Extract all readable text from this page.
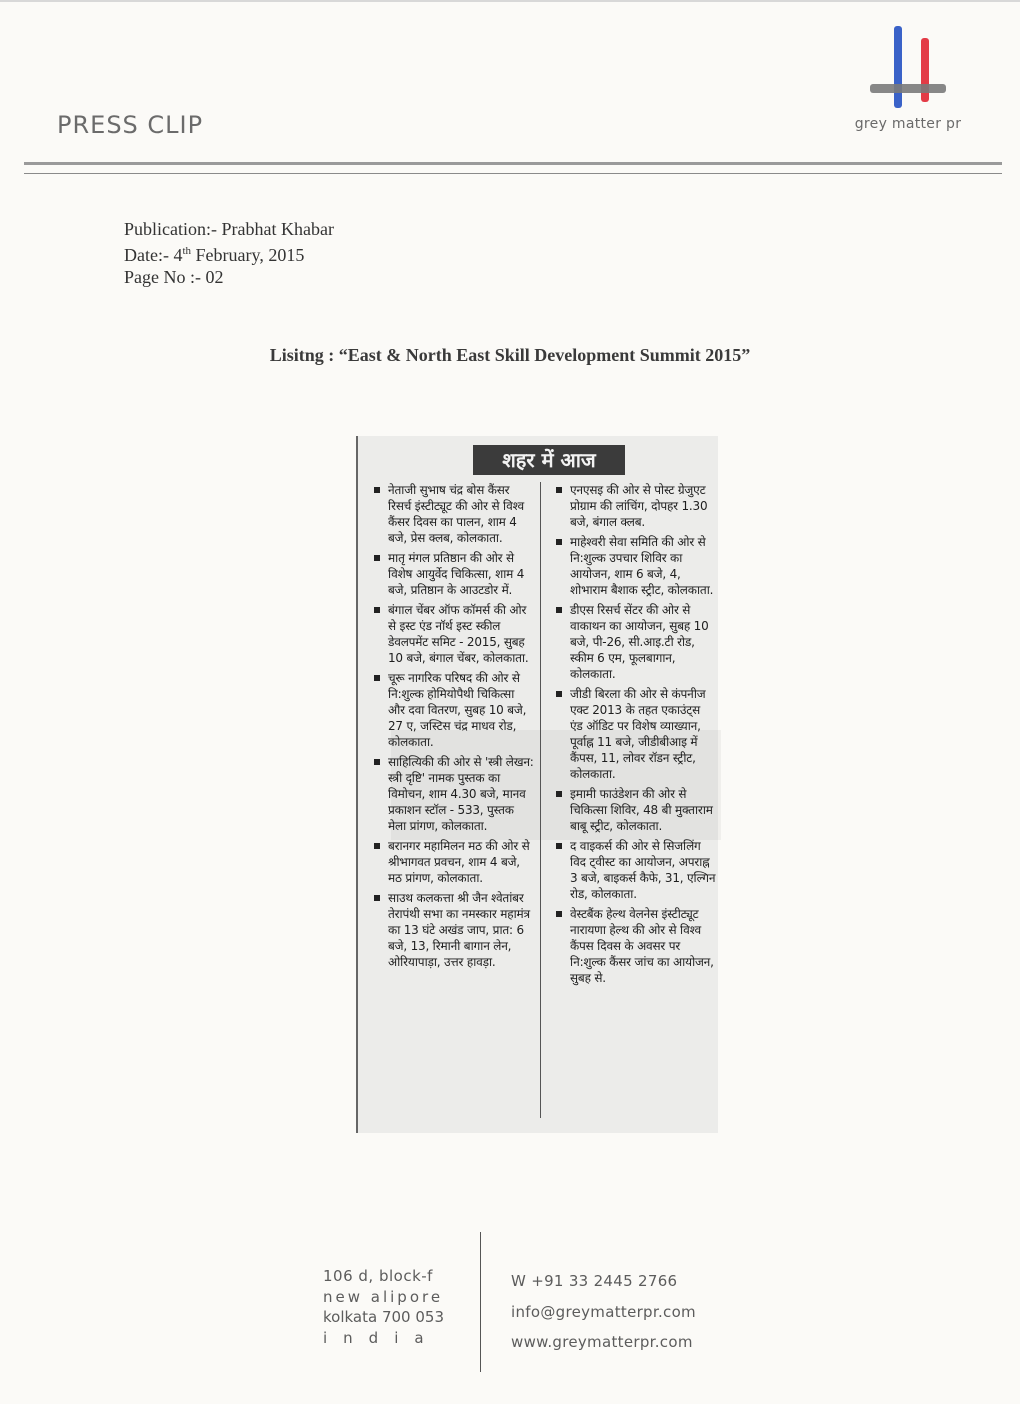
PRESS CLIP	grey matter pr
Publication:- Prabhat Khabar
Date:- 4th February, 2015
Page No :- 02
Lisitng : “East & North East Skill Development Summit 2015”
शहर में आज
नेताजी सुभाष चंद्र बोस कैंसर रिसर्च इंस्टीट्यूट की ओर से विश्व कैंसर दिवस का पालन, शाम 4 बजे, प्रेस क्लब, कोलकाता.
मातृ मंगल प्रतिष्ठान की ओर से विशेष आयुर्वेद चिकित्सा, शाम 4 बजे, प्रतिष्ठान के आउटडोर में.
बंगाल चेंबर ऑफ कॉमर्स की ओर से इस्ट एंड नॉर्थ इस्ट स्कील डेवलपमेंट समिट - 2015, सुबह 10 बजे, बंगाल चेंबर, कोलकाता.
चूरू नागरिक परिषद की ओर से नि:शुल्क होमियोपैथी चिकित्सा और दवा वितरण, सुबह 10 बजे, 27 ए, जस्टिस चंद्र माधव रोड, कोलकाता.
साहित्यिकी की ओर से 'स्त्री लेखन: स्त्री दृष्टि' नामक पुस्तक का विमोचन, शाम 4.30 बजे, मानव प्रकाशन स्टॉल - 533, पुस्तक मेला प्रांगण, कोलकाता.
बरानगर महामिलन मठ की ओर से श्रीभागवत प्रवचन, शाम 4 बजे, मठ प्रांगण, कोलकाता.
साउथ कलकत्ता श्री जैन श्वेतांबर तेरापंथी सभा का नमस्कार महामंत्र का 13 घंटे अखंड जाप, प्रात: 6 बजे, 13, रिमानी बागान लेन, ओरियापाड़ा, उत्तर हावड़ा.
एनएसइ की ओर से पोस्ट ग्रेजुएट प्रोग्राम की लांचिंग, दोपहर 1.30 बजे, बंगाल क्लब.
माहेश्वरी सेवा समिति की ओर से नि:शुल्क उपचार शिविर का आयोजन, शाम 6 बजे, 4, शोभाराम बैशाक स्ट्रीट, कोलकाता.
डीएस रिसर्च सेंटर की ओर से वाकाथन का आयोजन, सुबह 10 बजे, पी-26, सी.आइ.टी रोड, स्कीम 6 एम, फूलबागान, कोलकाता.
जीडी बिरला की ओर से कंपनीज एक्ट 2013 के तहत एकाउंट्स एंड ऑडिट पर विशेष व्याख्यान, पूर्वाह्न 11 बजे, जीडीबीआइ में कैंपस, 11, लोवर रॉडन स्ट्रीट, कोलकाता.
इमामी फाउंडेशन की ओर से चिकित्सा शिविर, 48 बी मुक्ताराम बाबू स्ट्रीट, कोलकाता.
द वाइकर्स की ओर से सिजलिंग विद ट्वीस्ट का आयोजन, अपराह्न 3 बजे, बाइकर्स कैफे, 31, एल्गिन रोड, कोलकाता.
वेस्टबैंक हेल्थ वेलनेस इंस्टीट्यूट नारायणा हेल्थ की ओर से विश्व कैंपस दिवस के अवसर पर नि:शुल्क कैंसर जांच का आयोजन, सुबह से.
106 d, block-f
new alipore
kolkata 700 053
india
W +91 33 2445 2766
info@greymatterpr.com
www.greymatterpr.com
